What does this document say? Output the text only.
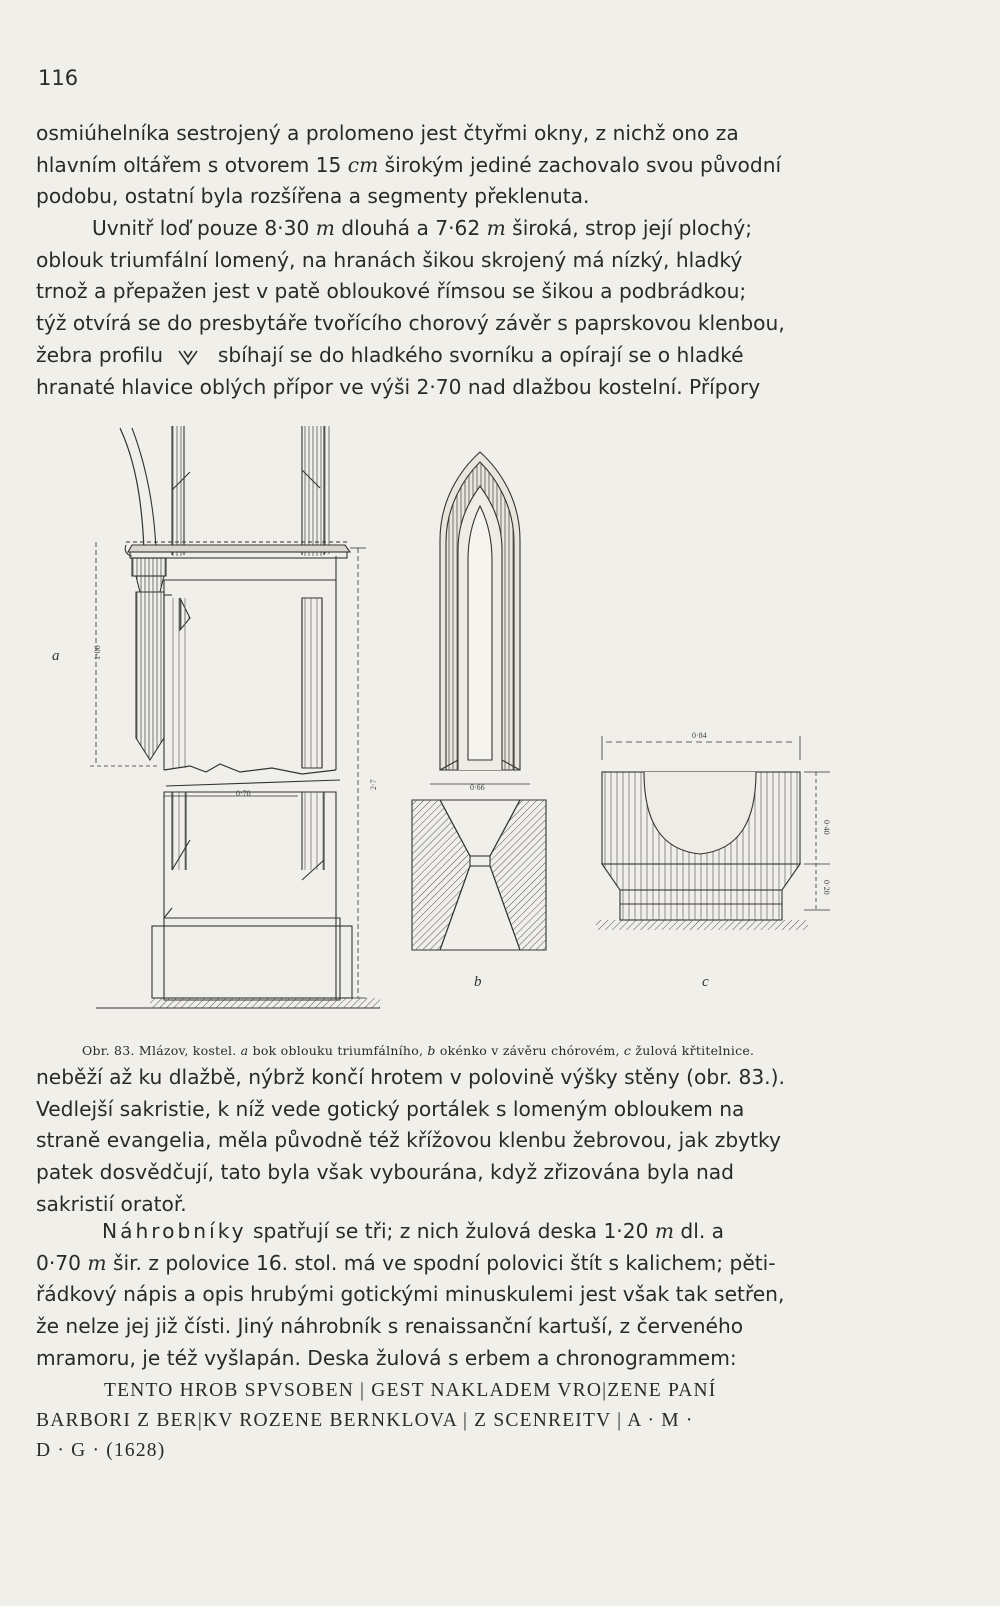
116
osmiúhelníka sestrojený a prolomeno jest čtyřmi okny, z nichž ono za
hlavním oltářem s otvorem 15 cm širokým jediné zachovalo svou původní
podobu, ostatní byla rozšířena a segmenty překlenuta.
Uvnitř loď pouze 8·30 m dlouhá a 7·62 m široká, strop její plochý;
oblouk triumfální lomený, na hranách šikou skrojený má nízký, hladký
trnož a přepažen jest v patě obloukové římsou se šikou a podbrádkou;
týž otvírá se do presbytáře tvořícího chorový závěr s paprskovou klenbou,
žebra profilu	sbíhají se do hladkého svorníku a opírají se o hladké
hranaté hlavice oblých přípor ve výši 2·70 nad dlažbou kostelní. Přípory
a	1·00
0·70
2·7	0·66
b
0·84
0·40
0·20
c
Obr. 83. Mlázov, kostel. a bok oblouku triumfálního, b okénko v závěru chórovém, c žulová křtitelnice.
neběží až ku dlažbě, nýbrž končí hrotem v polovině výšky stěny (obr. 83.).
Vedlejší sakristie, k níž vede gotický portálek s lomeným obloukem na
straně evangelia, měla původně též křížovou klenbu žebrovou, jak zbytky
patek dosvědčují, tato byla však vybourána, když zřizována byla nad
sakristií oratoř.
Náhrobníky spatřují se tři; z nich žulová deska 1·20 m dl. a
0·70 m šir. z polovice 16. stol. má ve spodní polovici štít s kalichem; pěti-
řádkový nápis a opis hrubými gotickými minuskulemi jest však tak setřen,
že nelze jej již čísti. Jiný náhrobník s renaissanční kartuší, z červeného
mramoru, je též vyšlapán. Deska žulová s erbem a chronogrammem:
TENTO HROB SPVSOBEN | GEST NAKLADEM VRO|ZENE PANÍ
BARBORI Z BER|KV ROZENE BERNKLOVA | Z SCENREITV | A · M ·
D · G · (1628)
